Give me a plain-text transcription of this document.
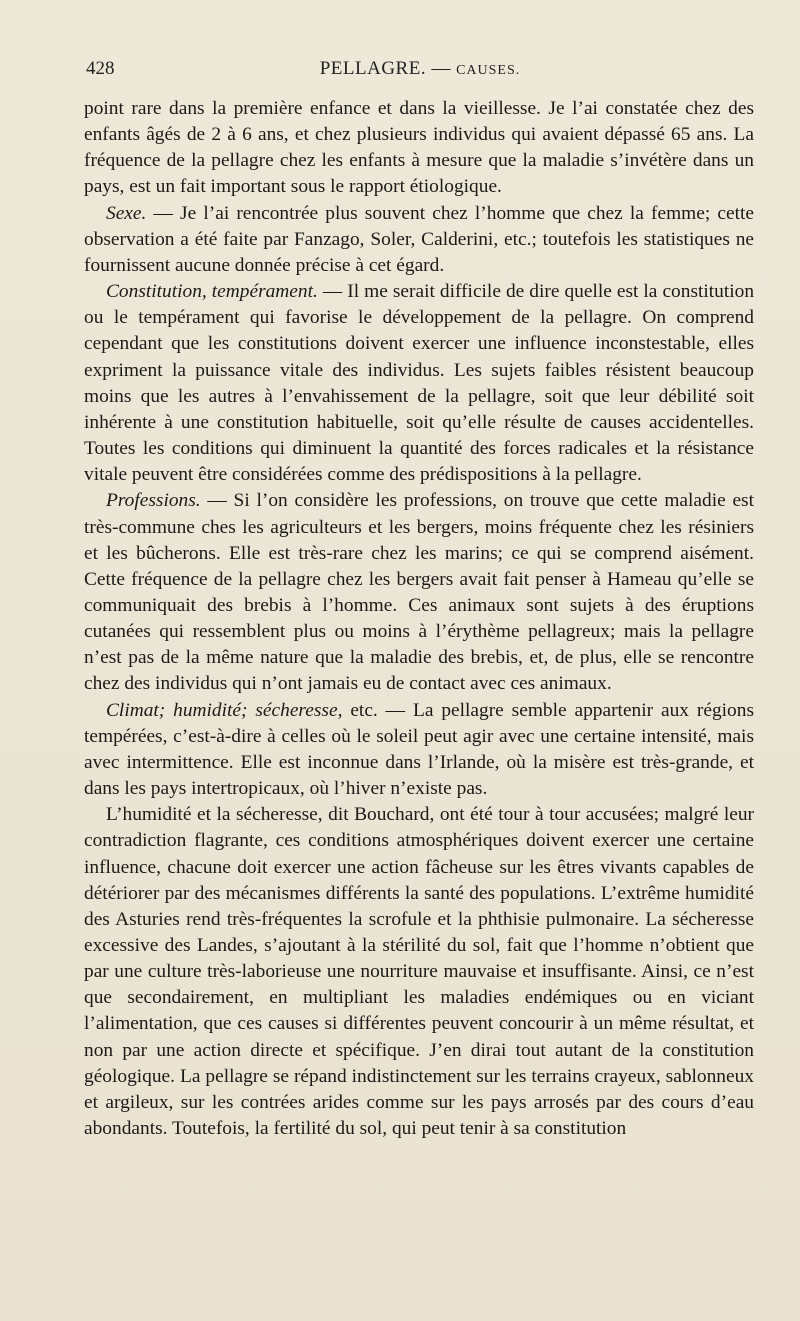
428	PELLAGRE. — CAUSES.

point rare dans la première enfance et dans la vieillesse. Je l’ai constatée chez des enfants âgés de 2 à 6 ans, et chez plusieurs individus qui avaient dépassé 65 ans. La fréquence de la pellagre chez les enfants à mesure que la maladie s’invétère dans un pays, est un fait important sous le rapport étiologique.

Sexe. — Je l’ai rencontrée plus souvent chez l’homme que chez la femme; cette observation a été faite par Fanzago, Soler, Calderini, etc.; toutefois les statistiques ne fournissent aucune donnée précise à cet égard.

Constitution, tempérament. — Il me serait difficile de dire quelle est la constitution ou le tempérament qui favorise le développement de la pellagre. On comprend cependant que les constitutions doivent exercer une influence inconstestable, elles expriment la puissance vitale des individus. Les sujets faibles résistent beaucoup moins que les autres à l’envahissement de la pellagre, soit que leur débilité soit inhérente à une constitution habituelle, soit qu’elle résulte de causes accidentelles. Toutes les conditions qui diminuent la quantité des forces radicales et la résistance vitale peuvent être considérées comme des prédispositions à la pellagre.

Professions. — Si l’on considère les professions, on trouve que cette maladie est très-commune ches les agriculteurs et les bergers, moins fréquente chez les résiniers et les bûcherons. Elle est très-rare chez les marins; ce qui se comprend aisément. Cette fréquence de la pellagre chez les bergers avait fait penser à Hameau qu’elle se communiquait des brebis à l’homme. Ces animaux sont sujets à des éruptions cutanées qui ressemblent plus ou moins à l’érythème pellagreux; mais la pellagre n’est pas de la même nature que la maladie des brebis, et, de plus, elle se rencontre chez des individus qui n’ont jamais eu de contact avec ces animaux.

Climat; humidité; sécheresse, etc. — La pellagre semble appartenir aux régions tempérées, c’est-à-dire à celles où le soleil peut agir avec une certaine intensité, mais avec intermittence. Elle est inconnue dans l’Irlande, où la misère est très-grande, et dans les pays intertropicaux, où l’hiver n’existe pas.

L’humidité et la sécheresse, dit Bouchard, ont été tour à tour accusées; malgré leur contradiction flagrante, ces conditions atmosphériques doivent exercer une certaine influence, chacune doit exercer une action fâcheuse sur les êtres vivants capables de détériorer par des mécanismes différents la santé des populations. L’extrême humidité des Asturies rend très-fréquentes la scrofule et la phthisie pulmonaire. La sécheresse excessive des Landes, s’ajoutant à la stérilité du sol, fait que l’homme n’obtient que par une culture très-laborieuse une nourriture mauvaise et insuffisante. Ainsi, ce n’est que secondairement, en multipliant les maladies endémiques ou en viciant l’alimentation, que ces causes si différentes peuvent concourir à un même résultat, et non par une action directe et spécifique. J’en dirai tout autant de la constitution géologique. La pellagre se répand indistinctement sur les terrains crayeux, sablonneux et argileux, sur les contrées arides comme sur les pays arrosés par des cours d’eau abondants. Toutefois, la fertilité du sol, qui peut tenir à sa constitution
